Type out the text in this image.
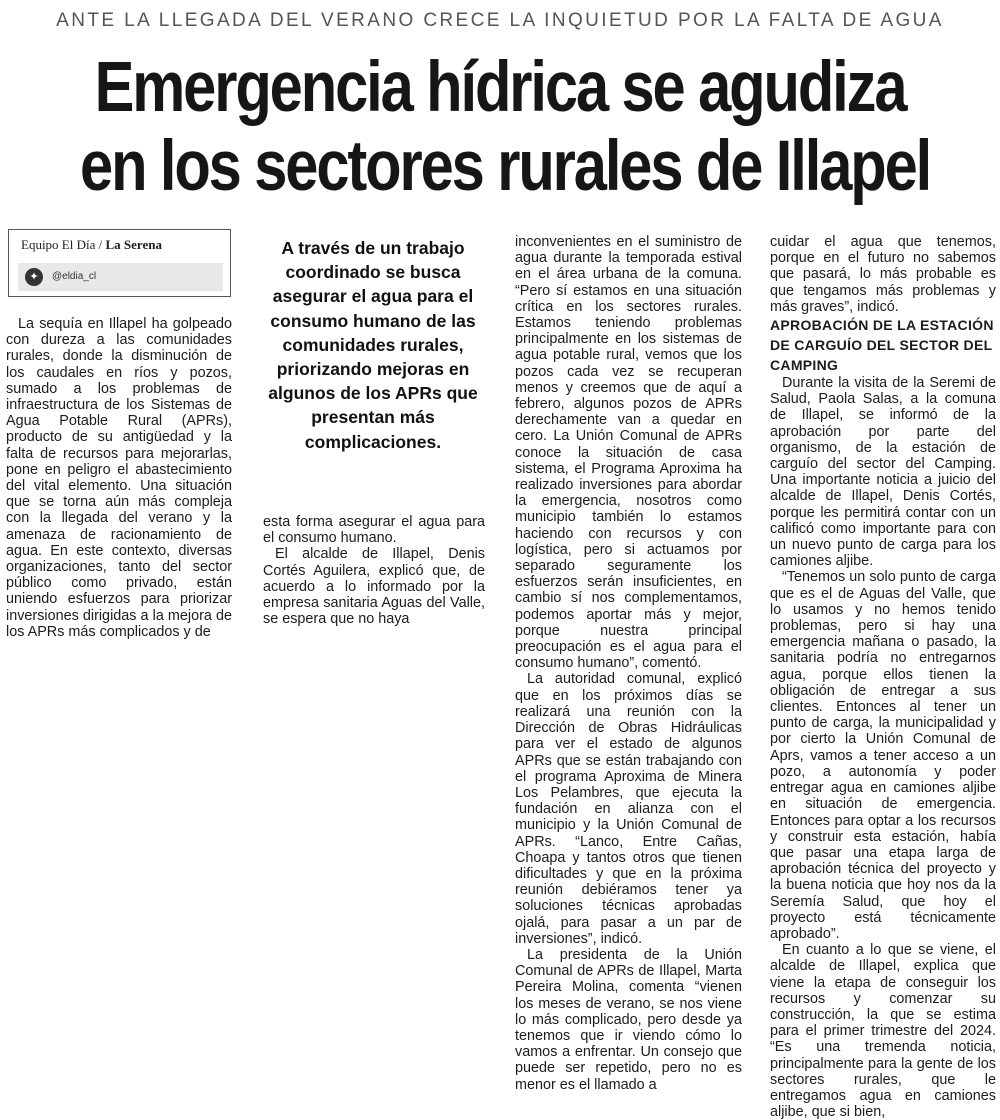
ANTE LA LLEGADA DEL VERANO CRECE LA INQUIETUD POR LA FALTA DE AGUA
Emergencia hídrica se agudiza
en los sectores rurales de Illapel
Equipo El Día / La Serena
✦	@eldia_cl

La sequía en Illapel ha golpeado con dureza a las comunidades rurales, donde la disminución de los caudales en ríos y pozos, sumado a los problemas de infraestructura de los Sistemas de Agua Potable Rural (APRs), producto de su antigüedad y la falta de recursos para mejorarlas, pone en peligro el abastecimiento del vital elemento. Una situación que se torna aún más compleja con la llegada del verano y la amenaza de racionamiento de agua. En este contexto, diversas organizaciones, tanto del sector público como privado, están uniendo esfuerzos para priorizar inversiones dirigidas a la mejora de los APRs más complicados y de

A través de un trabajo coordinado se busca asegurar el agua para el consumo humano de las comunidades rurales, priorizando mejoras en algunos de los APRs que presentan más complicaciones.

esta forma asegurar el agua para el consumo humano.

El alcalde de Illapel, Denis Cortés Aguilera, explicó que, de acuerdo a lo informado por la empresa sanitaria Aguas del Valle, se espera que no haya

inconvenientes en el suministro de agua durante la temporada estival en el área urbana de la comuna. “Pero sí estamos en una situación crítica en los sectores rurales. Estamos teniendo problemas principalmente en los sistemas de agua potable rural, vemos que los pozos cada vez se recuperan menos y creemos que de aquí a febrero, algunos pozos de APRs derechamente van a quedar en cero. La Unión Comunal de APRs conoce la situación de casa sistema, el Programa Aproxima ha realizado inversiones para abordar la emergencia, nosotros como municipio también lo estamos haciendo con recursos y con logística, pero si actuamos por separado seguramente los esfuerzos serán insuficientes, en cambio sí nos complementamos, podemos aportar más y mejor, porque nuestra principal preocupación es el agua para el consumo humano”, comentó.

La autoridad comunal, explicó que en los próximos días se realizará una reunión con la Dirección de Obras Hidráulicas para ver el estado de algunos APRs que se están trabajando con el programa Aproxima de Minera Los Pelambres, que ejecuta la fundación en alianza con el municipio y la Unión Comunal de APRs. “Lanco, Entre Cañas, Choapa y tantos otros que tienen dificultades y que en la próxima reunión debiéramos tener ya soluciones técnicas aprobadas ojalá, para pasar a un par de inversiones”, indicó.

La presidenta de la Unión Comunal de APRs de Illapel, Marta Pereira Molina, comenta “vienen los meses de verano, se nos viene lo más complicado, pero desde ya tenemos que ir viendo cómo lo vamos a enfrentar. Un consejo que puede ser repetido, pero no es menor es el llamado a

cuidar el agua que tenemos, porque en el futuro no sabemos que pasará, lo más probable es que tengamos más problemas y más graves”, indicó.

APROBACIÓN DE LA ESTACIÓN DE CARGUÍO DEL SECTOR DEL CAMPING

Durante la visita de la Seremi de Salud, Paola Salas, a la comuna de Illapel, se informó de la aprobación por parte del organismo, de la estación de carguío del sector del Camping. Una importante noticia a juicio del alcalde de Illapel, Denis Cortés, porque les permitirá contar con un calificó como importante para con un nuevo punto de carga para los camiones aljibe.

“Tenemos un solo punto de carga que es el de Aguas del Valle, que lo usamos y no hemos tenido problemas, pero si hay una emergencia mañana o pasado, la sanitaria podría no entregarnos agua, porque ellos tienen la obligación de entregar a sus clientes. Entonces al tener un punto de carga, la municipalidad y por cierto la Unión Comunal de Aprs, vamos a tener acceso a un pozo, a autonomía y poder entregar agua en camiones aljibe en situación de emergencia. Entonces para optar a los recursos y construir esta estación, había que pasar una etapa larga de aprobación técnica del proyecto y la buena noticia que hoy nos da la Seremía Salud, que hoy el proyecto está técnicamente aprobado”.

En cuanto a lo que se viene, el alcalde de Illapel, explica que viene la etapa de conseguir los recursos y comenzar su construcción, la que se estima para el primer trimestre del 2024. “Es una tremenda noticia, principalmente para la gente de los sectores rurales, que le entregamos agua en camiones aljibe, que si bien,
